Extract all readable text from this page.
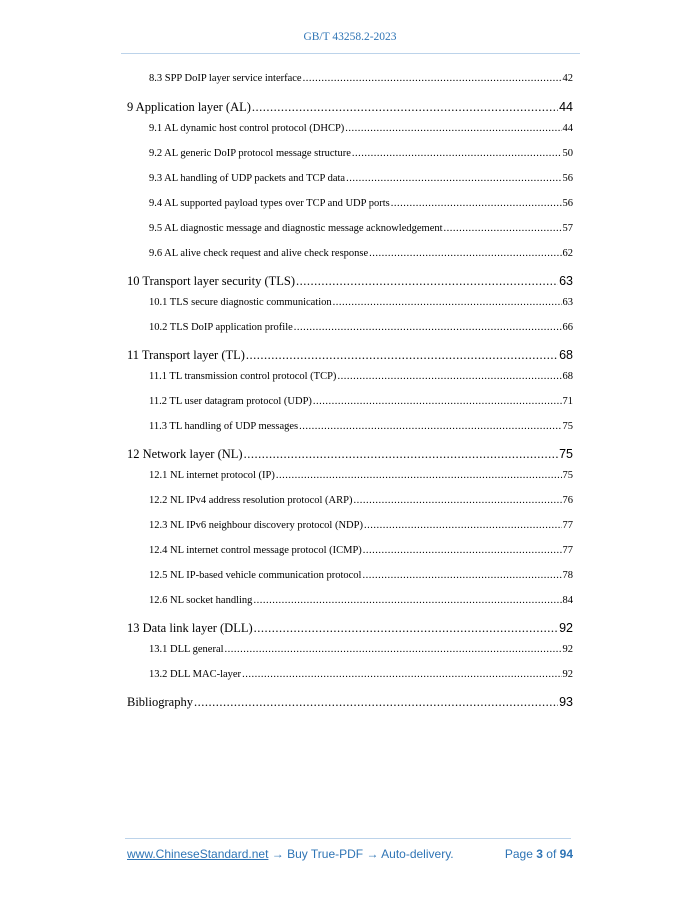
GB/T 43258.2-2023
8.3 SPP DoIP layer service interface .....	42
9 Application layer (AL) .....	44
9.1 AL dynamic host control protocol (DHCP) .....	44
9.2 AL generic DoIP protocol message structure .....	50
9.3 AL handling of UDP packets and TCP data .....	56
9.4 AL supported payload types over TCP and UDP ports .....	56
9.5 AL diagnostic message and diagnostic message acknowledgement .....	57
9.6 AL alive check request and alive check response .....	62
10 Transport layer security (TLS) .....	63
10.1 TLS secure diagnostic communication .....	63
10.2 TLS DoIP application profile .....	66
11 Transport layer (TL) .....	68
11.1 TL transmission control protocol (TCP) .....	68
11.2 TL user datagram protocol (UDP) .....	71
11.3 TL handling of UDP messages .....	75
12 Network layer (NL) .....	75
12.1 NL internet protocol (IP) .....	75
12.2 NL IPv4 address resolution protocol (ARP) .....	76
12.3 NL IPv6 neighbour discovery protocol (NDP) .....	77
12.4 NL internet control message protocol (ICMP) .....	77
12.5 NL IP-based vehicle communication protocol .....	78
12.6 NL socket handling .....	84
13 Data link layer (DLL) .....	92
13.1 DLL general .....	92
13.2 DLL MAC-layer .....	92
Bibliography .....	93
www.ChineseStandard.net → Buy True-PDF → Auto-delivery.	Page 3 of 94
